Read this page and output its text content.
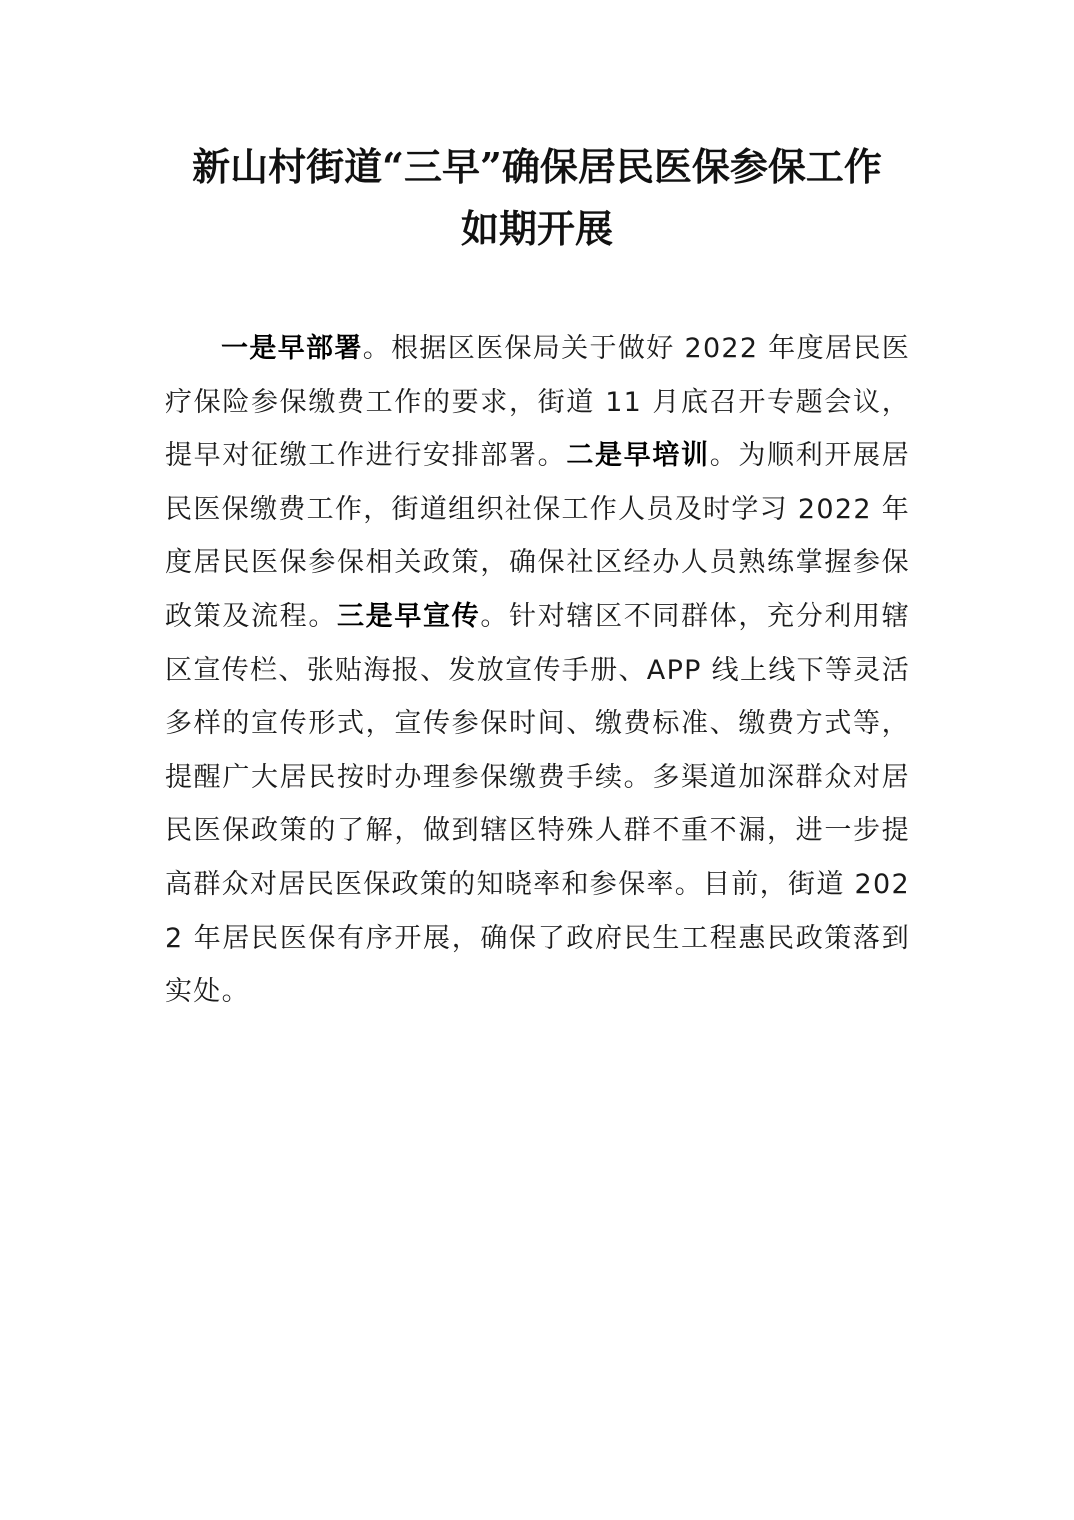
新山村街道“三早”确保居民医保参保工作
如期开展

一是早部署。根据区医保局关于做好 2022 年度居民医疗保险参保缴费工作的要求，街道 11 月底召开专题会议，提早对征缴工作进行安排部署。二是早培训。为顺利开展居民医保缴费工作，街道组织社保工作人员及时学习 2022 年度居民医保参保相关政策，确保社区经办人员熟练掌握参保政策及流程。三是早宣传。针对辖区不同群体，充分利用辖区宣传栏、张贴海报、发放宣传手册、APP 线上线下等灵活多样的宣传形式，宣传参保时间、缴费标准、缴费方式等，提醒广大居民按时办理参保缴费手续。多渠道加深群众对居民医保政策的了解，做到辖区特殊人群不重不漏，进一步提高群众对居民医保政策的知晓率和参保率。目前，街道 2022 年居民医保有序开展，确保了政府民生工程惠民政策落到实处。
